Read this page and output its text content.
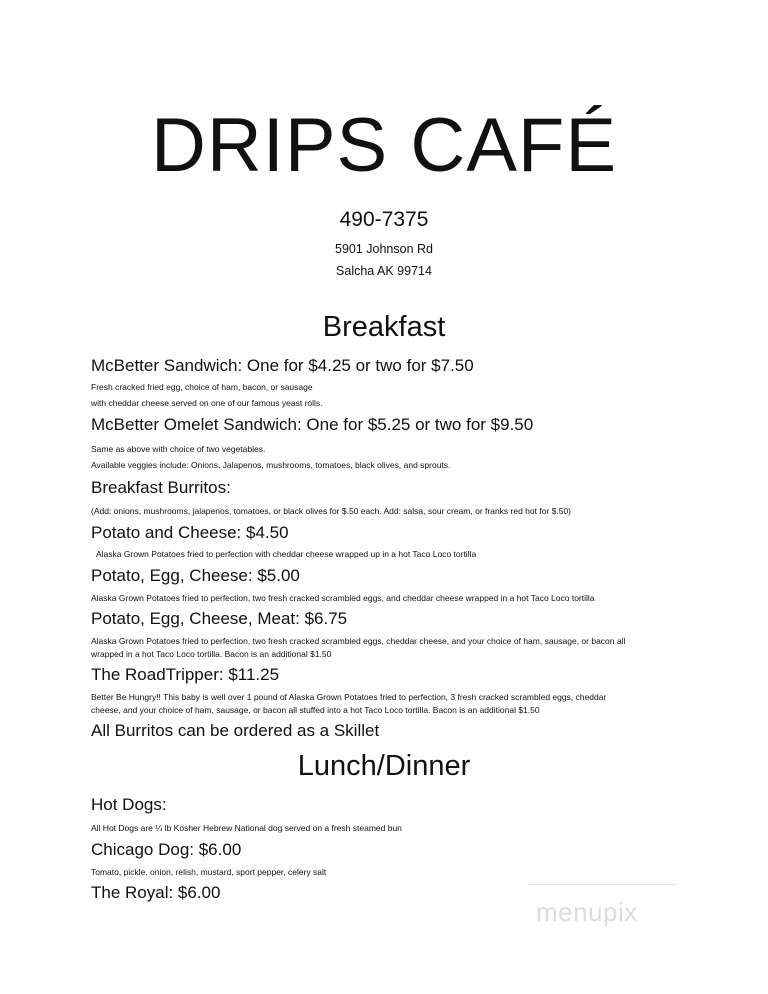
DRIPS CAFÉ
490-7375
5901 Johnson Rd
Salcha AK 99714
Breakfast
McBetter Sandwich: One for $4.25 or two for $7.50
Fresh cracked fried egg, choice of ham, bacon, or sausage
with cheddar cheese served on one of our famous yeast rolls.
McBetter Omelet Sandwich: One for $5.25 or two for $9.50
Same as above with choice of two vegetables.
Available veggies include: Onions, Jalapenos, mushrooms, tomatoes, black olives, and sprouts.
Breakfast Burritos:
(Add: onions, mushrooms, jalapenos, tomatoes, or black olives for $.50 each. Add: salsa, sour cream, or franks red hot for $.50)
Potato and Cheese: $4.50
Alaska Grown Potatoes fried to perfection with cheddar cheese wrapped up in a hot Taco Loco tortilla
Potato, Egg, Cheese: $5.00
Alaska Grown Potatoes fried to perfection, two fresh cracked scrambled eggs, and cheddar cheese wrapped in a hot Taco Loco tortilla
Potato, Egg, Cheese, Meat: $6.75
Alaska Grown Potatoes fried to perfection, two fresh cracked scrambled eggs, cheddar cheese, and your choice of ham, sausage, or bacon all
wrapped in a hot Taco Loco tortilla. Bacon is an additional $1.50
The RoadTripper: $11.25
Better Be Hungry!! This baby is well over 1 pound of Alaska Grown Potatoes fried to perfection, 3 fresh cracked scrambled eggs, cheddar
cheese, and your choice of ham, sausage, or bacon all stuffed into a hot Taco Loco tortilla. Bacon is an additional $1.50
All Burritos can be ordered as a Skillet
Lunch/Dinner
Hot Dogs:
All Hot Dogs are ¼ lb Kosher Hebrew National dog served on a fresh steamed bun
Chicago Dog: $6.00
Tomato, pickle, onion, relish, mustard, sport pepper, celery salt
The Royal: $6.00
menupix
